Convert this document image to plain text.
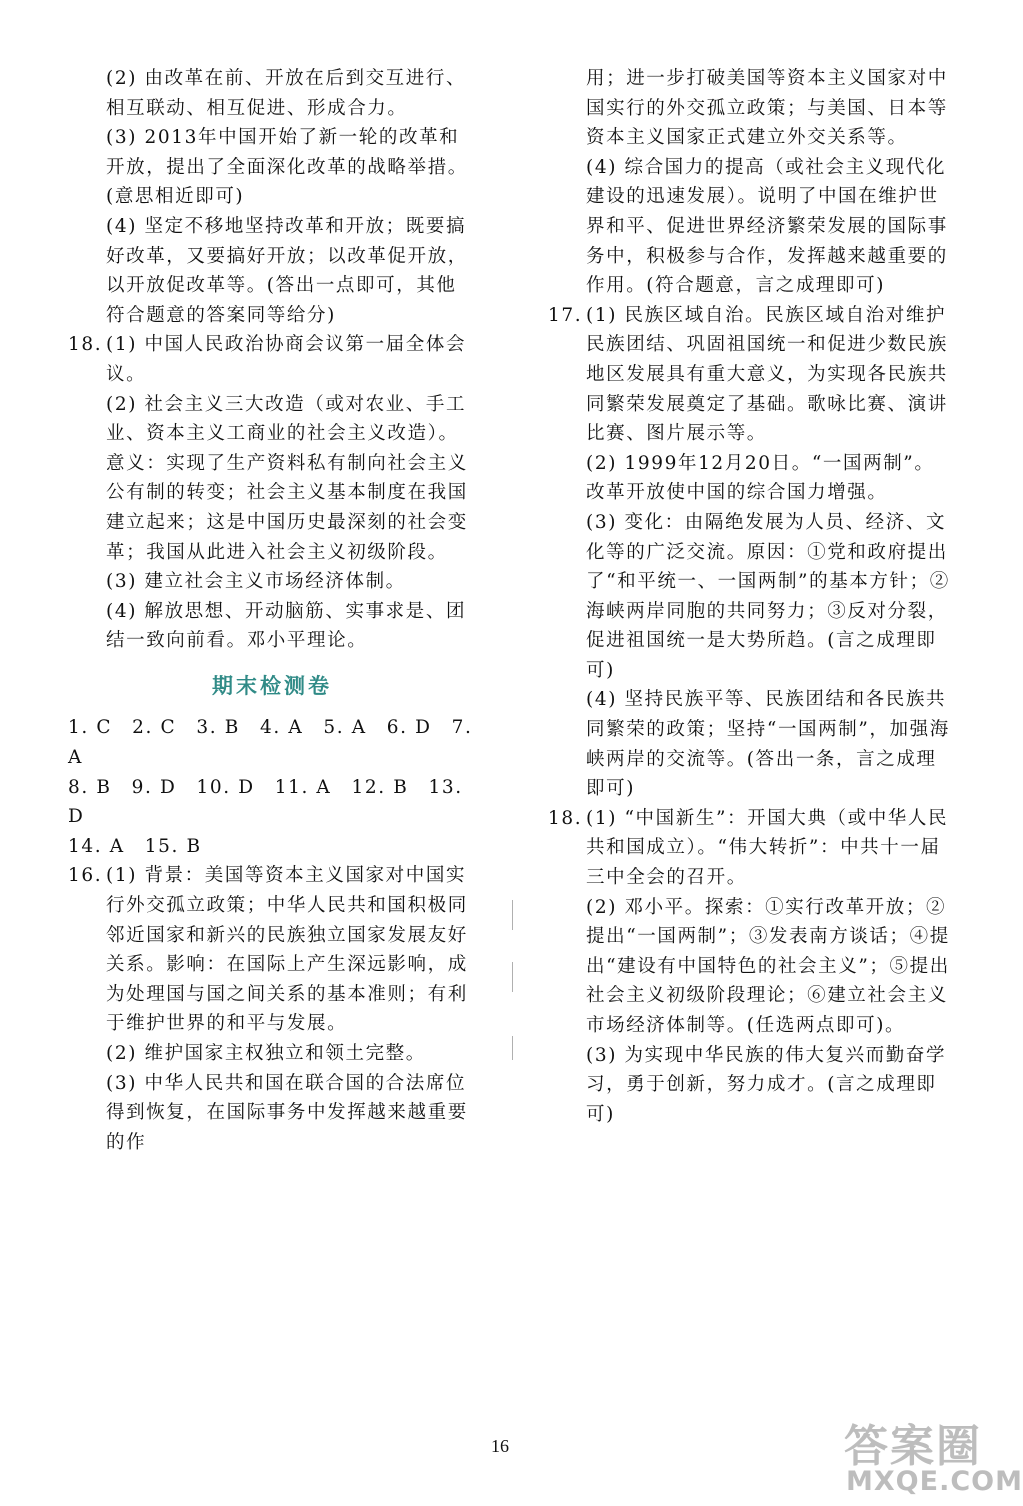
(2) 由改革在前、开放在后到交互进行、相互联动、相互促进、形成合力。

(3) 2013年中国开始了新一轮的改革和开放，提出了全面深化改革的战略举措。(意思相近即可)

(4) 坚定不移地坚持改革和开放；既要搞好改革，又要搞好开放；以改革促开放，以开放促改革等。(答出一点即可，其他符合题意的答案同等给分)

18. (1) 中国人民政治协商会议第一届全体会议。

(2) 社会主义三大改造（或对农业、手工业、资本主义工商业的社会主义改造）。意义：实现了生产资料私有制向社会主义公有制的转变；社会主义基本制度在我国建立起来；这是中国历史最深刻的社会变革；我国从此进入社会主义初级阶段。

(3) 建立社会主义市场经济体制。

(4) 解放思想、开动脑筋、实事求是、团结一致向前看。邓小平理论。

期末检测卷

1. C　2. C　3. B　4. A　5. A　6. D　7. A

8. B　9. D　10. D　11. A　12. B　13. D

14. A　15. B

16. (1) 背景：美国等资本主义国家对中国实行外交孤立政策；中华人民共和国积极同邻近国家和新兴的民族独立国家发展友好关系。影响：在国际上产生深远影响，成为处理国与国之间关系的基本准则；有利于维护世界的和平与发展。

(2) 维护国家主权独立和领土完整。

(3) 中华人民共和国在联合国的合法席位得到恢复，在国际事务中发挥越来越重要的作

用；进一步打破美国等资本主义国家对中国实行的外交孤立政策；与美国、日本等资本主义国家正式建立外交关系等。

(4) 综合国力的提高（或社会主义现代化建设的迅速发展）。说明了中国在维护世界和平、促进世界经济繁荣发展的国际事务中，积极参与合作，发挥越来越重要的作用。(符合题意，言之成理即可)

17. (1) 民族区域自治。民族区域自治对维护民族团结、巩固祖国统一和促进少数民族地区发展具有重大意义，为实现各民族共同繁荣发展奠定了基础。歌咏比赛、演讲比赛、图片展示等。

(2) 1999年12月20日。“一国两制”。改革开放使中国的综合国力增强。

(3) 变化：由隔绝发展为人员、经济、文化等的广泛交流。原因：①党和政府提出了“和平统一、一国两制”的基本方针；②海峡两岸同胞的共同努力；③反对分裂，促进祖国统一是大势所趋。(言之成理即可)

(4) 坚持民族平等、民族团结和各民族共同繁荣的政策；坚持“一国两制”，加强海峡两岸的交流等。(答出一条，言之成理即可)

18. (1) “中国新生”：开国大典（或中华人民共和国成立）。“伟大转折”：中共十一届三中全会的召开。

(2) 邓小平。探索：①实行改革开放；②提出“一国两制”；③发表南方谈话；④提出“建设有中国特色的社会主义”；⑤提出社会主义初级阶段理论；⑥建立社会主义市场经济体制等。(任选两点即可)。

(3) 为实现中华民族的伟大复兴而勤奋学习，勇于创新，努力成才。(言之成理即可)

16	答案圈
MXQE.COM
